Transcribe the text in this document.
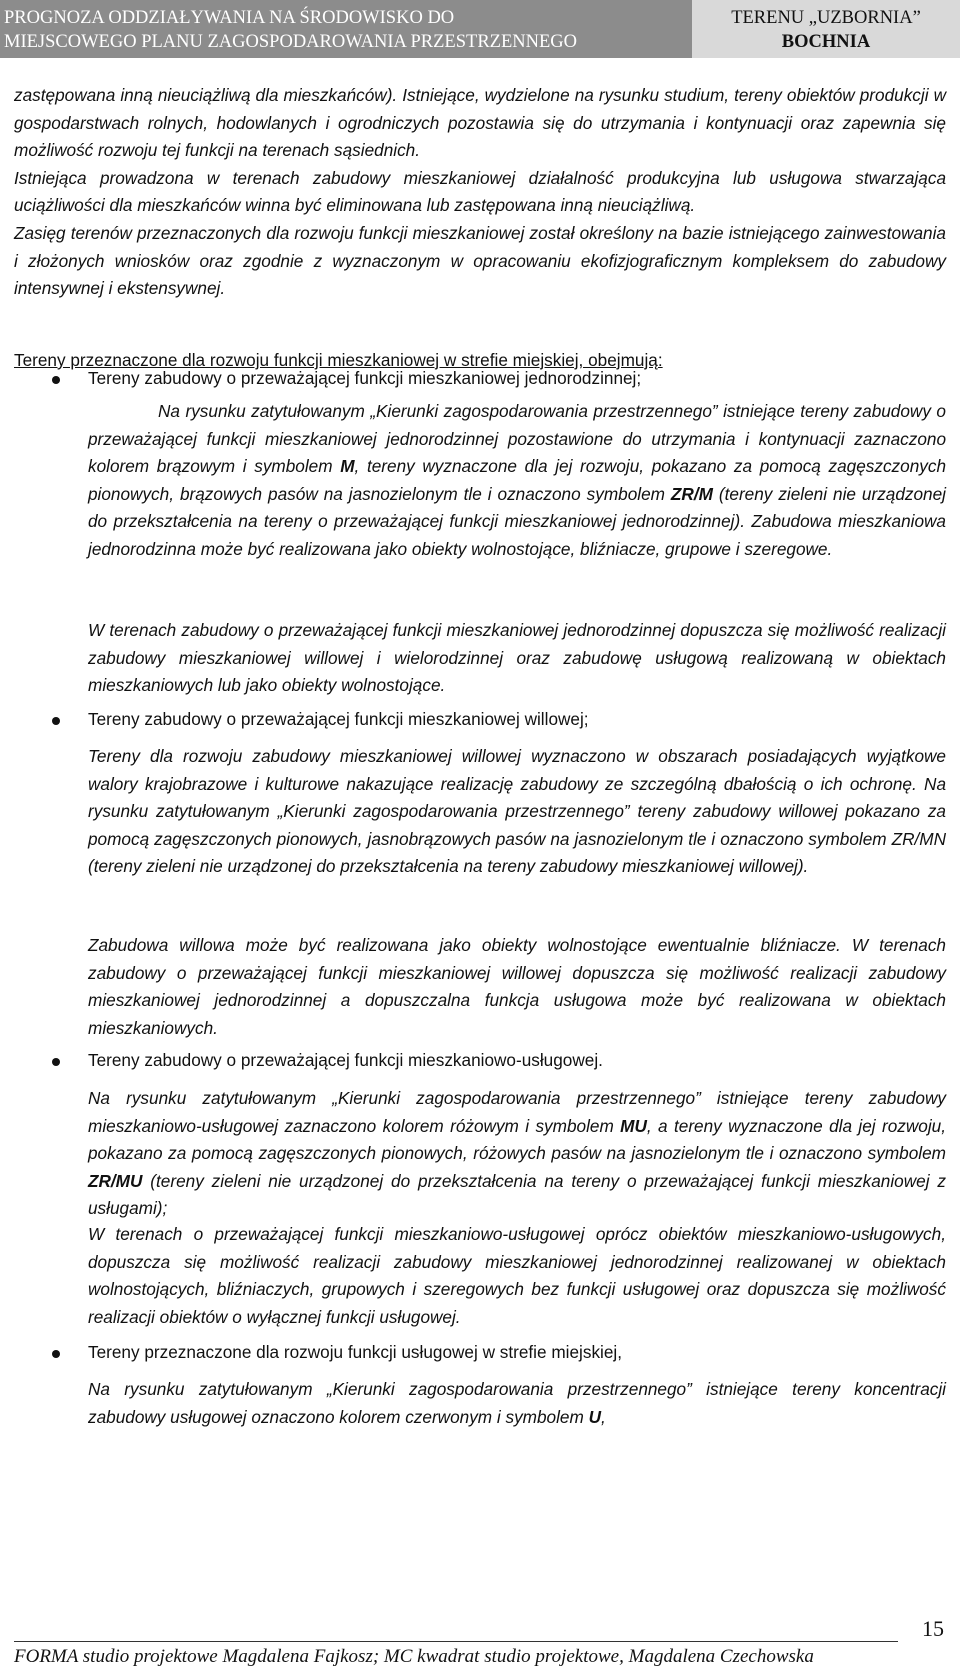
PROGNOZA ODDZIAŁYWANIA NA ŚRODOWISKO DO
MIEJSCOWEGO PLANU ZAGOSPODAROWANIA PRZESTRZENNEGO
TERENU „UZBORNIA”
BOCHNIA

zastępowana inną nieuciążliwą dla mieszkańców). Istniejące, wydzielone na rysunku studium, tereny obiektów produkcji w gospodarstwach rolnych, hodowlanych i ogrodniczych pozostawia się do utrzymania i kontynuacji oraz zapewnia się możliwość rozwoju tej funkcji na terenach sąsiednich.

Istniejąca prowadzona w terenach zabudowy mieszkaniowej działalność produkcyjna lub usługowa stwarzająca uciążliwości dla mieszkańców winna być eliminowana lub zastępowana inną nieuciążliwą.

Zasięg terenów przeznaczonych dla rozwoju funkcji mieszkaniowej został określony na bazie istniejącego zainwestowania i złożonych wniosków oraz zgodnie z wyznaczonym w opracowaniu ekofizjograficznym kompleksem do zabudowy intensywnej i ekstensywnej.

Tereny przeznaczone dla rozwoju funkcji mieszkaniowej w strefie miejskiej, obejmują:
Tereny zabudowy o przeważającej funkcji mieszkaniowej jednorodzinnej;
Na rysunku zatytułowanym „Kierunki zagospodarowania przestrzennego” istniejące tereny zabudowy o przeważającej funkcji mieszkaniowej jednorodzinnej pozostawione do utrzymania i kontynuacji zaznaczono kolorem brązowym i symbolem M, tereny wyznaczone dla jej rozwoju, pokazano za pomocą zagęszczonych pionowych, brązowych pasów na jasnozielonym tle i oznaczono symbolem ZR/M (tereny zieleni nie urządzonej do przekształcenia na tereny o przeważającej funkcji mieszkaniowej jednorodzinnej). Zabudowa mieszkaniowa jednorodzinna może być realizowana jako obiekty wolnostojące, bliźniacze, grupowe i szeregowe.
W terenach zabudowy o przeważającej funkcji mieszkaniowej jednorodzinnej dopuszcza się możliwość realizacji zabudowy mieszkaniowej willowej i wielorodzinnej oraz zabudowę usługową realizowaną w obiektach mieszkaniowych lub jako obiekty wolnostojące.
Tereny zabudowy o przeważającej funkcji mieszkaniowej willowej;
Tereny dla rozwoju zabudowy mieszkaniowej willowej wyznaczono w obszarach posiadających wyjątkowe walory krajobrazowe i kulturowe nakazujące realizację zabudowy ze szczególną dbałością o ich ochronę. Na rysunku zatytułowanym „Kierunki zagospodarowania przestrzennego” tereny zabudowy willowej pokazano za pomocą zagęszczonych pionowych, jasnobrązowych pasów na jasnozielonym tle i oznaczono symbolem ZR/MN (tereny zieleni nie urządzonej do przekształcenia na tereny zabudowy mieszkaniowej willowej).
Zabudowa willowa może być realizowana jako obiekty wolnostojące ewentualnie bliźniacze. W terenach zabudowy o przeważającej funkcji mieszkaniowej willowej dopuszcza się możliwość realizacji zabudowy mieszkaniowej jednorodzinnej a dopuszczalna funkcja usługowa może być realizowana w obiektach mieszkaniowych.
Tereny zabudowy o przeważającej funkcji mieszkaniowo-usługowej.
Na rysunku zatytułowanym „Kierunki zagospodarowania przestrzennego” istniejące tereny zabudowy mieszkaniowo-usługowej zaznaczono kolorem różowym i symbolem MU, a tereny wyznaczone dla jej rozwoju, pokazano za pomocą zagęszczonych pionowych, różowych pasów na jasnozielonym tle i oznaczono symbolem ZR/MU (tereny zieleni nie urządzonej do przekształcenia na tereny o przeważającej funkcji mieszkaniowej z usługami);
W terenach o przeważającej funkcji mieszkaniowo-usługowej oprócz obiektów mieszkaniowo-usługowych, dopuszcza się możliwość realizacji zabudowy mieszkaniowej jednorodzinnej realizowanej w obiektach wolnostojących, bliźniaczych, grupowych i szeregowych bez funkcji usługowej oraz dopuszcza się możliwość realizacji obiektów o wyłącznej funkcji usługowej.
Tereny przeznaczone dla rozwoju funkcji usługowej w strefie miejskiej,
Na rysunku zatytułowanym „Kierunki zagospodarowania przestrzennego” istniejące tereny koncentracji zabudowy usługowej oznaczono kolorem czerwonym i symbolem U,
15
FORMA studio projektowe Magdalena Fajkosz; MC kwadrat studio projektowe, Magdalena Czechowska
